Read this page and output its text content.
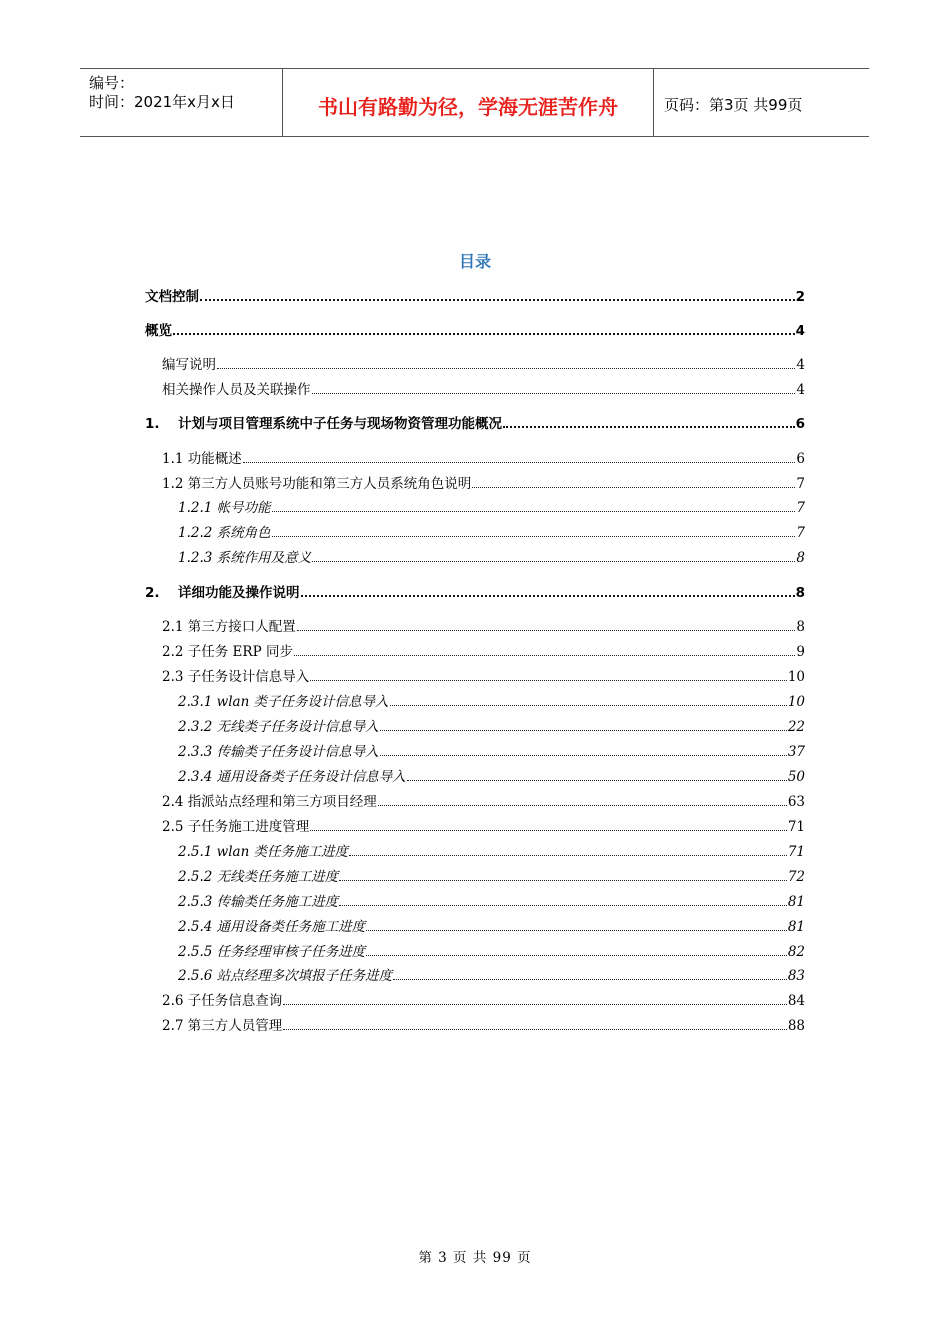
编号：
时间：2021年x月x日	书山有路勤为径，学海无涯苦作舟	页码：第3页 共99页
目录
文档控制	2
概览	4
编写说明	4
相关操作人员及关联操作	4
1.	计划与项目管理系统中子任务与现场物资管理功能概况	6
1.1 功能概述	6
1.2 第三方人员账号功能和第三方人员系统角色说明	7
1.2.1 帐号功能	7
1.2.2 系统角色	7
1.2.3 系统作用及意义	8
2.	详细功能及操作说明	8
2.1 第三方接口人配置	8
2.2 子任务 ERP 同步	9
2.3 子任务设计信息导入	10
2.3.1 wlan 类子任务设计信息导入	10
2.3.2 无线类子任务设计信息导入	22
2.3.3 传输类子任务设计信息导入	37
2.3.4 通用设备类子任务设计信息导入	50
2.4 指派站点经理和第三方项目经理	63
2.5 子任务施工进度管理	71
2.5.1 wlan 类任务施工进度	71
2.5.2 无线类任务施工进度	72
2.5.3 传输类任务施工进度	81
2.5.4 通用设备类任务施工进度	81
2.5.5 任务经理审核子任务进度	82
2.5.6 站点经理多次填报子任务进度	83
2.6 子任务信息查询	84
2.7 第三方人员管理	88
第 3 页 共 99 页
